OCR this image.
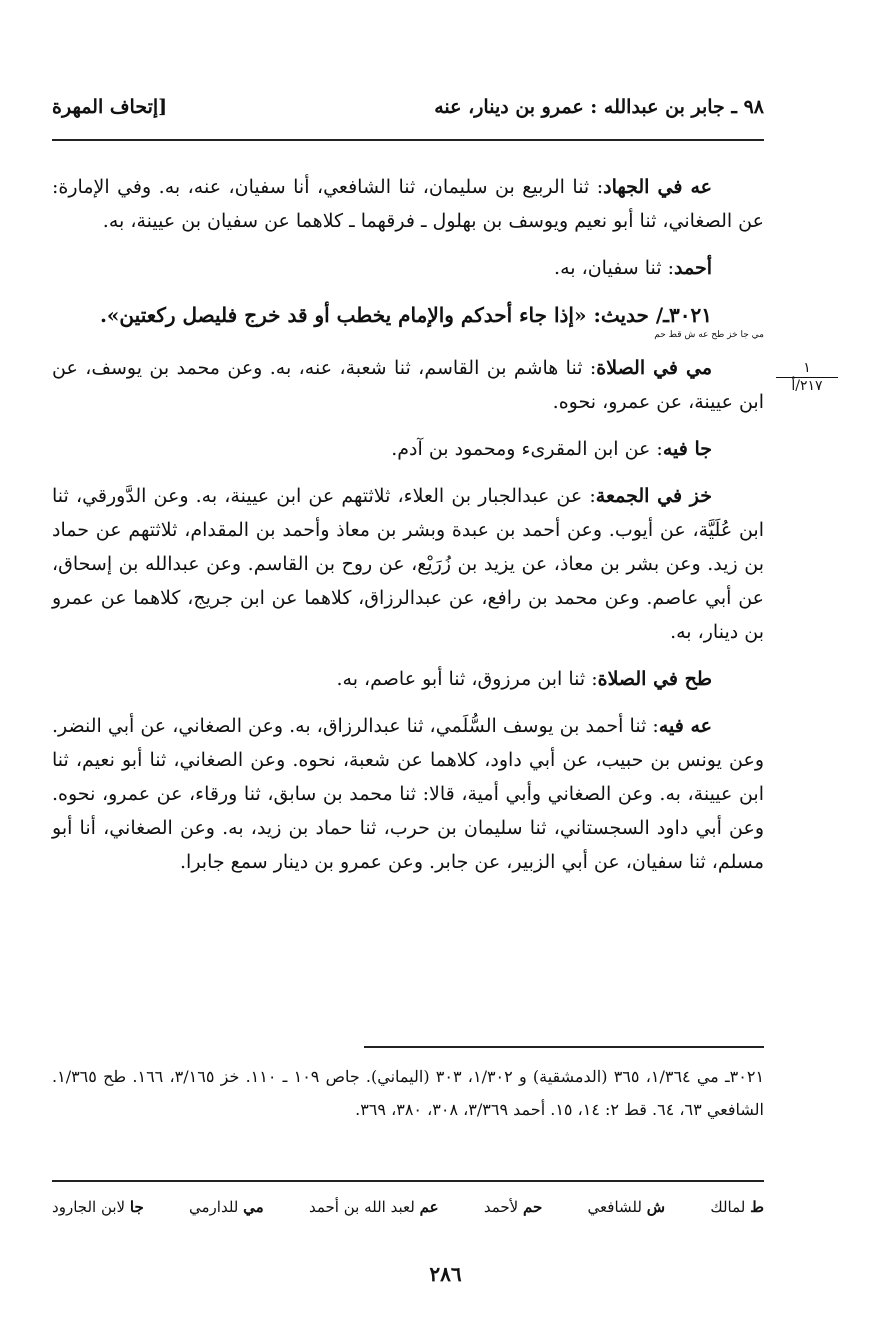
٩٨ ـ جابر بن عبدالله : عمرو بن دينار، عنه
[إتحاف المهرة

عه في الجهاد: ثنا الربيع بن سليمان، ثنا الشافعي، أنا سفيان، عنه، به. وفي الإمارة: عن الصغاني، ثنا أبو نعيم ويوسف بن بهلول ـ فرقهما ـ كلاهما عن سفيان بن عيينة، به.

أحمد: ثنا سفيان، به.

٣٠٢١ـ/ حديث: «إذا جاء أحدكم والإمام يخطب أو قد خرج فليصل ركعتين».

مي جا خز طح عه ش قط حم

مي في الصلاة: ثنا هاشم بن القاسم، ثنا شعبة، عنه، به. وعن محمد بن يوسف، عن ابن عيينة، عن عمرو، نحوه.

جا فيه: عن ابن المقرىء ومحمود بن آدم.

خز في الجمعة: عن عبدالجبار بن العلاء، ثلاثتهم عن ابن عيينة، به. وعن الدَّورقي، ثنا ابن عُلَيَّة، عن أيوب. وعن أحمد بن عبدة وبشر بن معاذ وأحمد بن المقدام، ثلاثتهم عن حماد بن زيد. وعن بشر بن معاذ، عن يزيد بن زُرَيْع، عن روح بن القاسم. وعن عبدالله بن إسحاق، عن أبي عاصم. وعن محمد بن رافع، عن عبدالرزاق، كلاهما عن ابن جريج، كلاهما عن عمرو بن دينار، به.

طح في الصلاة: ثنا ابن مرزوق، ثنا أبو عاصم، به.

عه فيه: ثنا أحمد بن يوسف السُّلَمي، ثنا عبدالرزاق، به. وعن الصغاني، عن أبي النضر. وعن يونس بن حبيب، عن أبي داود، كلاهما عن شعبة، نحوه. وعن الصغاني، ثنا أبو نعيم، ثنا ابن عيينة، به. وعن الصغاني وأبي أمية، قالا: ثنا محمد بن سابق، ثنا ورقاء، عن عمرو، نحوه. وعن أبي داود السجستاني، ثنا سليمان بن حرب، ثنا حماد بن زيد، به. وعن الصغاني، أنا أبو مسلم، ثنا سفيان، عن أبي الزبير، عن جابر. وعن عمرو بن دينار سمع جابرا.

١
٢١٧/أ
٣٠٢١ـ مي ١/٣٦٤، ٣٦٥ (الدمشقية) و ١/٣٠٢، ٣٠٣ (اليماني). جاص ١٠٩ ـ ١١٠. خز ٣/١٦٥، ١٦٦. طح ١/٣٦٥. الشافعي ٦٣، ٦٤. قط ٢: ١٤، ١٥. أحمد ٣/٣٦٩، ٣٠٨، ٣٨٠، ٣٦٩.
ط لمالك
ش للشافعي
حم لأحمد
عم لعبد الله بن أحمد
مي للدارمي
جا لابن الجارود
٢٨٦
